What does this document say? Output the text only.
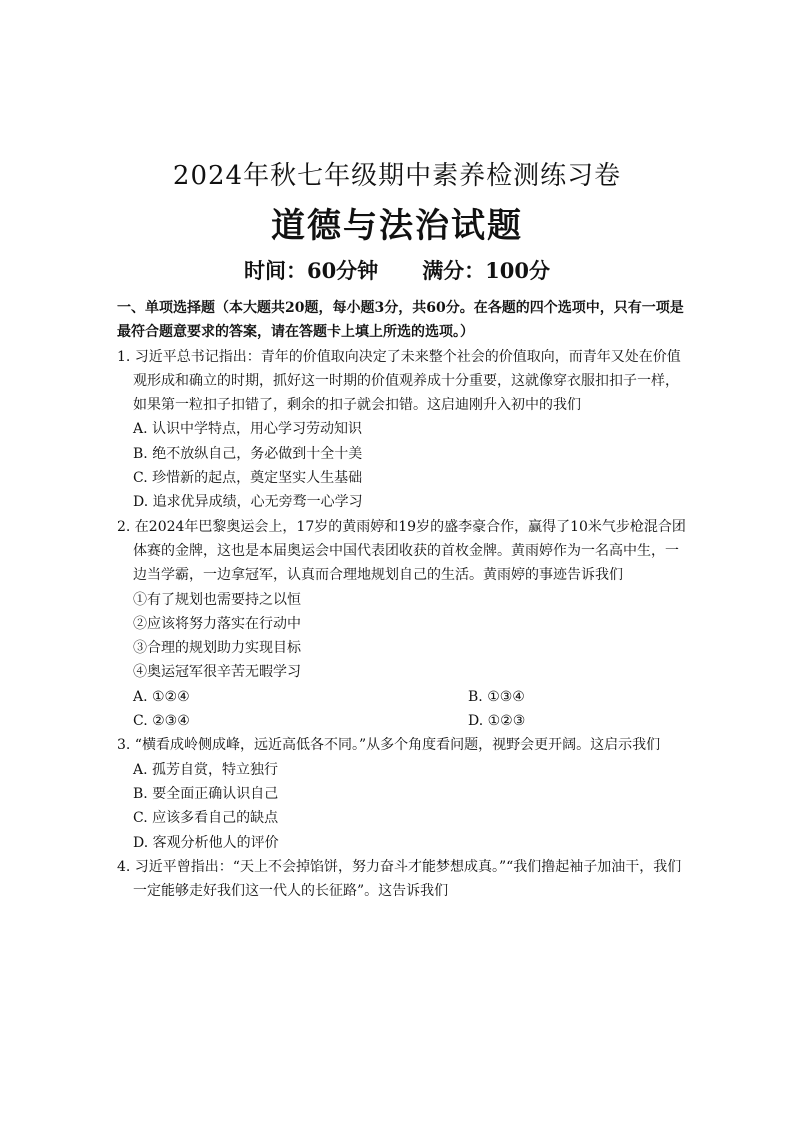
2024年秋七年级期中素养检测练习卷
道德与法治试题
时间：60分钟 满分：100分
一、单项选择题（本大题共20题，每小题3分，共60分。在各题的四个选项中，只有一项是最符合题意要求的答案，请在答题卡上填上所选的选项。）
1. 习近平总书记指出：青年的价值取向决定了未来整个社会的价值取向，而青年又处在价值观形成和确立的时期，抓好这一时期的价值观养成十分重要，这就像穿衣服扣扣子一样，如果第一粒扣子扣错了，剩余的扣子就会扣错。这启迪刚升入初中的我们
A. 认识中学特点，用心学习劳动知识
B. 绝不放纵自己，务必做到十全十美
C. 珍惜新的起点，奠定坚实人生基础
D. 追求优异成绩，心无旁骛一心学习
2. 在2024年巴黎奥运会上，17岁的黄雨婷和19岁的盛李豪合作，赢得了10米气步枪混合团体赛的金牌，这也是本届奥运会中国代表团收获的首枚金牌。黄雨婷作为一名高中生，一边当学霸，一边拿冠军，认真而合理地规划自己的生活。黄雨婷的事迹告诉我们
①有了规划也需要持之以恒
②应该将努力落实在行动中
③合理的规划助力实现目标
④奥运冠军很辛苦无暇学习
A. ①②④	B. ①③④
C. ②③④	D. ①②③
3. “横看成岭侧成峰，远近高低各不同。”从多个角度看问题，视野会更开阔。这启示我们
A. 孤芳自赏，特立独行
B. 要全面正确认识自己
C. 应该多看自己的缺点
D. 客观分析他人的评价
4. 习近平曾指出：“天上不会掉馅饼，努力奋斗才能梦想成真。”“我们撸起袖子加油干，我们一定能够走好我们这一代人的长征路”。这告诉我们
